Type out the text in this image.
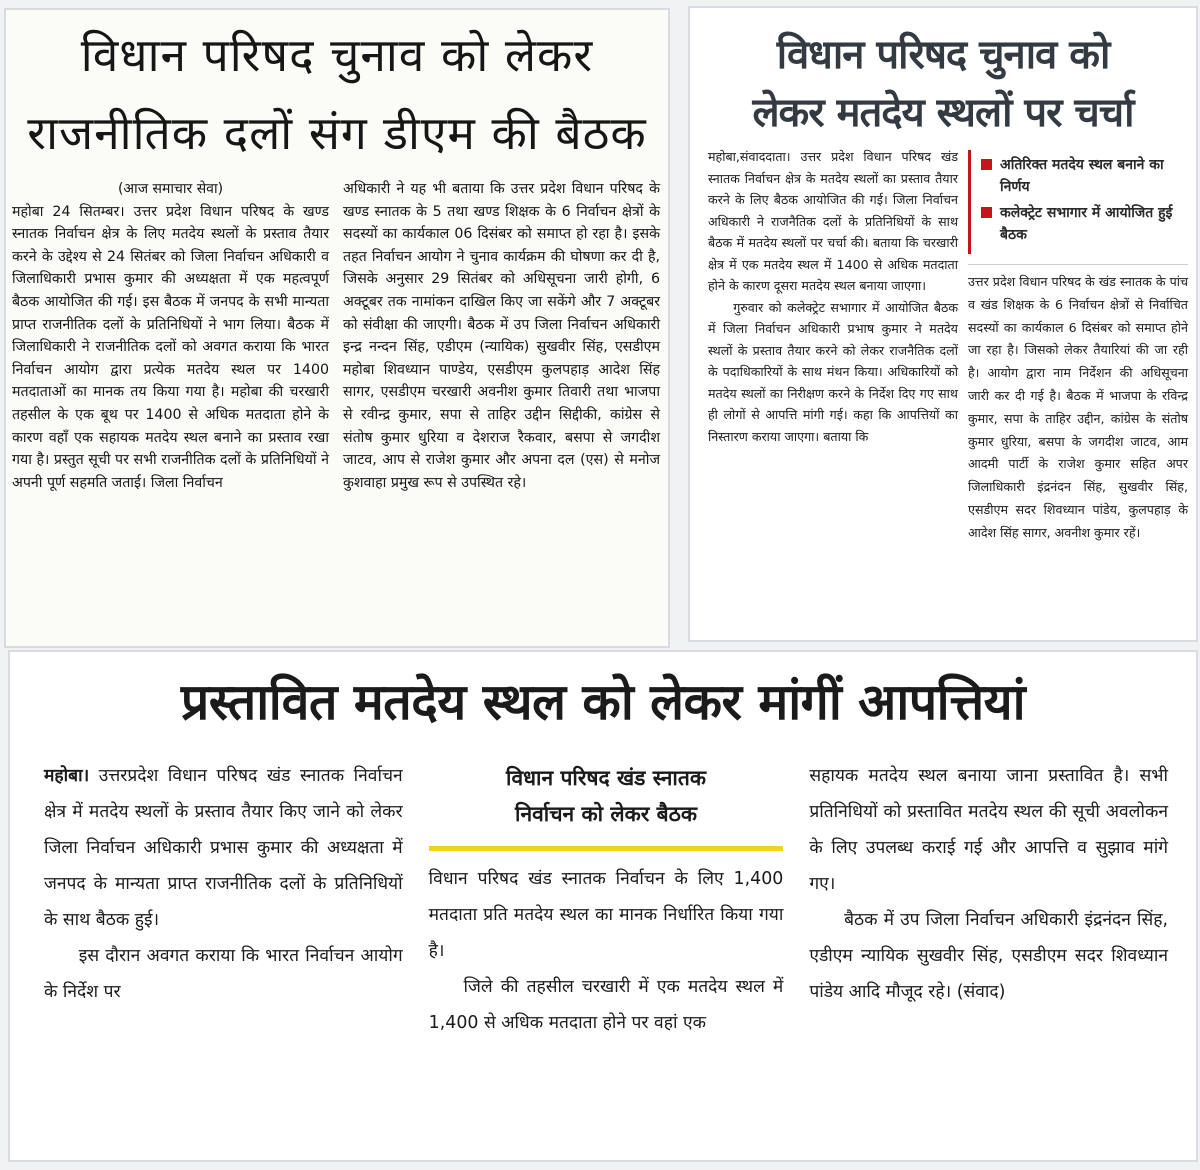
विधान परिषद चुनाव को लेकर
राजनीतिक दलों संग डीएम की बैठक
(आज समाचार सेवा)
महोबा 24 सितम्बर। उत्तर प्रदेश विधान परिषद के खण्ड स्नातक निर्वाचन क्षेत्र के लिए मतदेय स्थलों के प्रस्ताव तैयार करने के उद्देश्य से 24 सितंबर को जिला निर्वाचन अधिकारी व जिलाधिकारी प्रभास कुमार की अध्यक्षता में एक महत्वपूर्ण बैठक आयोजित की गई। इस बैठक में जनपद के सभी मान्यता प्राप्त राजनीतिक दलों के प्रतिनिधियों ने भाग लिया। बैठक में जिलाधिकारी ने राजनीतिक दलों को अवगत कराया कि भारत निर्वाचन आयोग द्वारा प्रत्येक मतदेय स्थल पर 1400 मतदाताओं का मानक तय किया गया है। महोबा की चरखारी तहसील के एक बूथ पर 1400 से अधिक मतदाता होने के कारण वहाँ एक सहायक मतदेय स्थल बनाने का प्रस्ताव रखा गया है। प्रस्तुत सूची पर सभी राजनीतिक दलों के प्रतिनिधियों ने अपनी पूर्ण सहमति जताई। जिला निर्वाचन
अधिकारी ने यह भी बताया कि उत्तर प्रदेश विधान परिषद के खण्ड स्नातक के 5 तथा खण्ड शिक्षक के 6 निर्वाचन क्षेत्रों के सदस्यों का कार्यकाल 06 दिसंबर को समाप्त हो रहा है। इसके तहत निर्वाचन आयोग ने चुनाव कार्यक्रम की घोषणा कर दी है, जिसके अनुसार 29 सितंबर को अधिसूचना जारी होगी, 6 अक्टूबर तक नामांकन दाखिल किए जा सकेंगे और 7 अक्टूबर को संवीक्षा की जाएगी। बैठक में उप जिला निर्वाचन अधिकारी इन्द्र नन्दन सिंह, एडीएम (न्यायिक) सुखवीर सिंह, एसडीएम महोबा शिवध्यान पाण्डेय, एसडीएम कुलपहाड़ आदेश सिंह सागर, एसडीएम चरखारी अवनीश कुमार तिवारी तथा भाजपा से रवीन्द्र कुमार, सपा से ताहिर उद्दीन सिद्दीकी, कांग्रेस से संतोष कुमार धुरिया व देशराज रैकवार, बसपा से जगदीश जाटव, आप से राजेश कुमार और अपना दल (एस) से मनोज कुशवाहा प्रमुख रूप से उपस्थित रहे।
विधान परिषद चुनाव को
लेकर मतदेय स्थलों पर चर्चा
महोबा,संवाददाता। उत्तर प्रदेश विधान परिषद खंड स्नातक निर्वाचन क्षेत्र के मतदेय स्थलों का प्रस्ताव तैयार करने के लिए बैठक आयोजित की गई। जिला निर्वाचन अधिकारी ने राजनैतिक दलों के प्रतिनिधियों के साथ बैठक में मतदेय स्थलों पर चर्चा की। बताया कि चरखारी क्षेत्र में एक मतदेय स्थल में 1400 से अधिक मतदाता होने के कारण दूसरा मतदेय स्थल बनाया जाएगा।
गुरुवार को कलेक्ट्रेट सभागार में आयोजित बैठक में जिला निर्वाचन अधिकारी प्रभाष कुमार ने मतदेय स्थलों के प्रस्ताव तैयार करने को लेकर राजनैतिक दलों के पदाधिकारियों के साथ मंथन किया। अधिकारियों को मतदेय स्थलों का निरीक्षण करने के निर्देश दिए गए साथ ही लोगों से आपत्ति मांगी गई। कहा कि आपत्तियों का निस्तारण कराया जाएगा। बताया कि
अतिरिक्त मतदेय स्थल बनाने का निर्णय
कलेक्ट्रेट सभागार में आयोजित हुई बैठक
उत्तर प्रदेश विधान परिषद के खंड स्नातक के पांच व खंड शिक्षक के 6 निर्वाचन क्षेत्रों से निर्वाचित सदस्यों का कार्यकाल 6 दिसंबर को समाप्त होने जा रहा है। जिसको लेकर तैयारियां की जा रही है। आयोग द्वारा नाम निर्देशन की अधिसूचना जारी कर दी गई है। बैठक में भाजपा के रविन्द्र कुमार, सपा के ताहिर उद्दीन, कांग्रेस के संतोष कुमार धुरिया, बसपा के जगदीश जाटव, आम आदमी पार्टी के राजेश कुमार सहित अपर जिलाधिकारी इंद्रनंदन सिंह, सुखवीर सिंह, एसडीएम सदर शिवध्यान पांडेय, कुलपहाड़ के आदेश सिंह सागर, अवनीश कुमार रहें।
प्रस्तावित मतदेय स्थल को लेकर मांगीं आपत्तियां
महोबा। उत्तरप्रदेश विधान परिषद खंड स्नातक निर्वाचन क्षेत्र में मतदेय स्थलों के प्रस्ताव तैयार किए जाने को लेकर जिला निर्वाचन अधिकारी प्रभास कुमार की अध्यक्षता में जनपद के मान्यता प्राप्त राजनीतिक दलों के प्रतिनिधियों के साथ बैठक हुई।
इस दौरान अवगत कराया कि भारत निर्वाचन आयोग के निर्देश पर
विधान परिषद खंड स्नातक
निर्वाचन को लेकर बैठक
विधान परिषद खंड स्नातक निर्वाचन के लिए 1,400 मतदाता प्रति मतदेय स्थल का मानक निर्धारित किया गया है।
जिले की तहसील चरखारी में एक मतदेय स्थल में 1,400 से अधिक मतदाता होने पर वहां एक
सहायक मतदेय स्थल बनाया जाना प्रस्तावित है। सभी प्रतिनिधियों को प्रस्तावित मतदेय स्थल की सूची अवलोकन के लिए उपलब्ध कराई गई और आपत्ति व सुझाव मांगे गए।
बैठक में उप जिला निर्वाचन अधिकारी इंद्रनंदन सिंह, एडीएम न्यायिक सुखवीर सिंह, एसडीएम सदर शिवध्यान पांडेय आदि मौजूद रहे। (संवाद)
